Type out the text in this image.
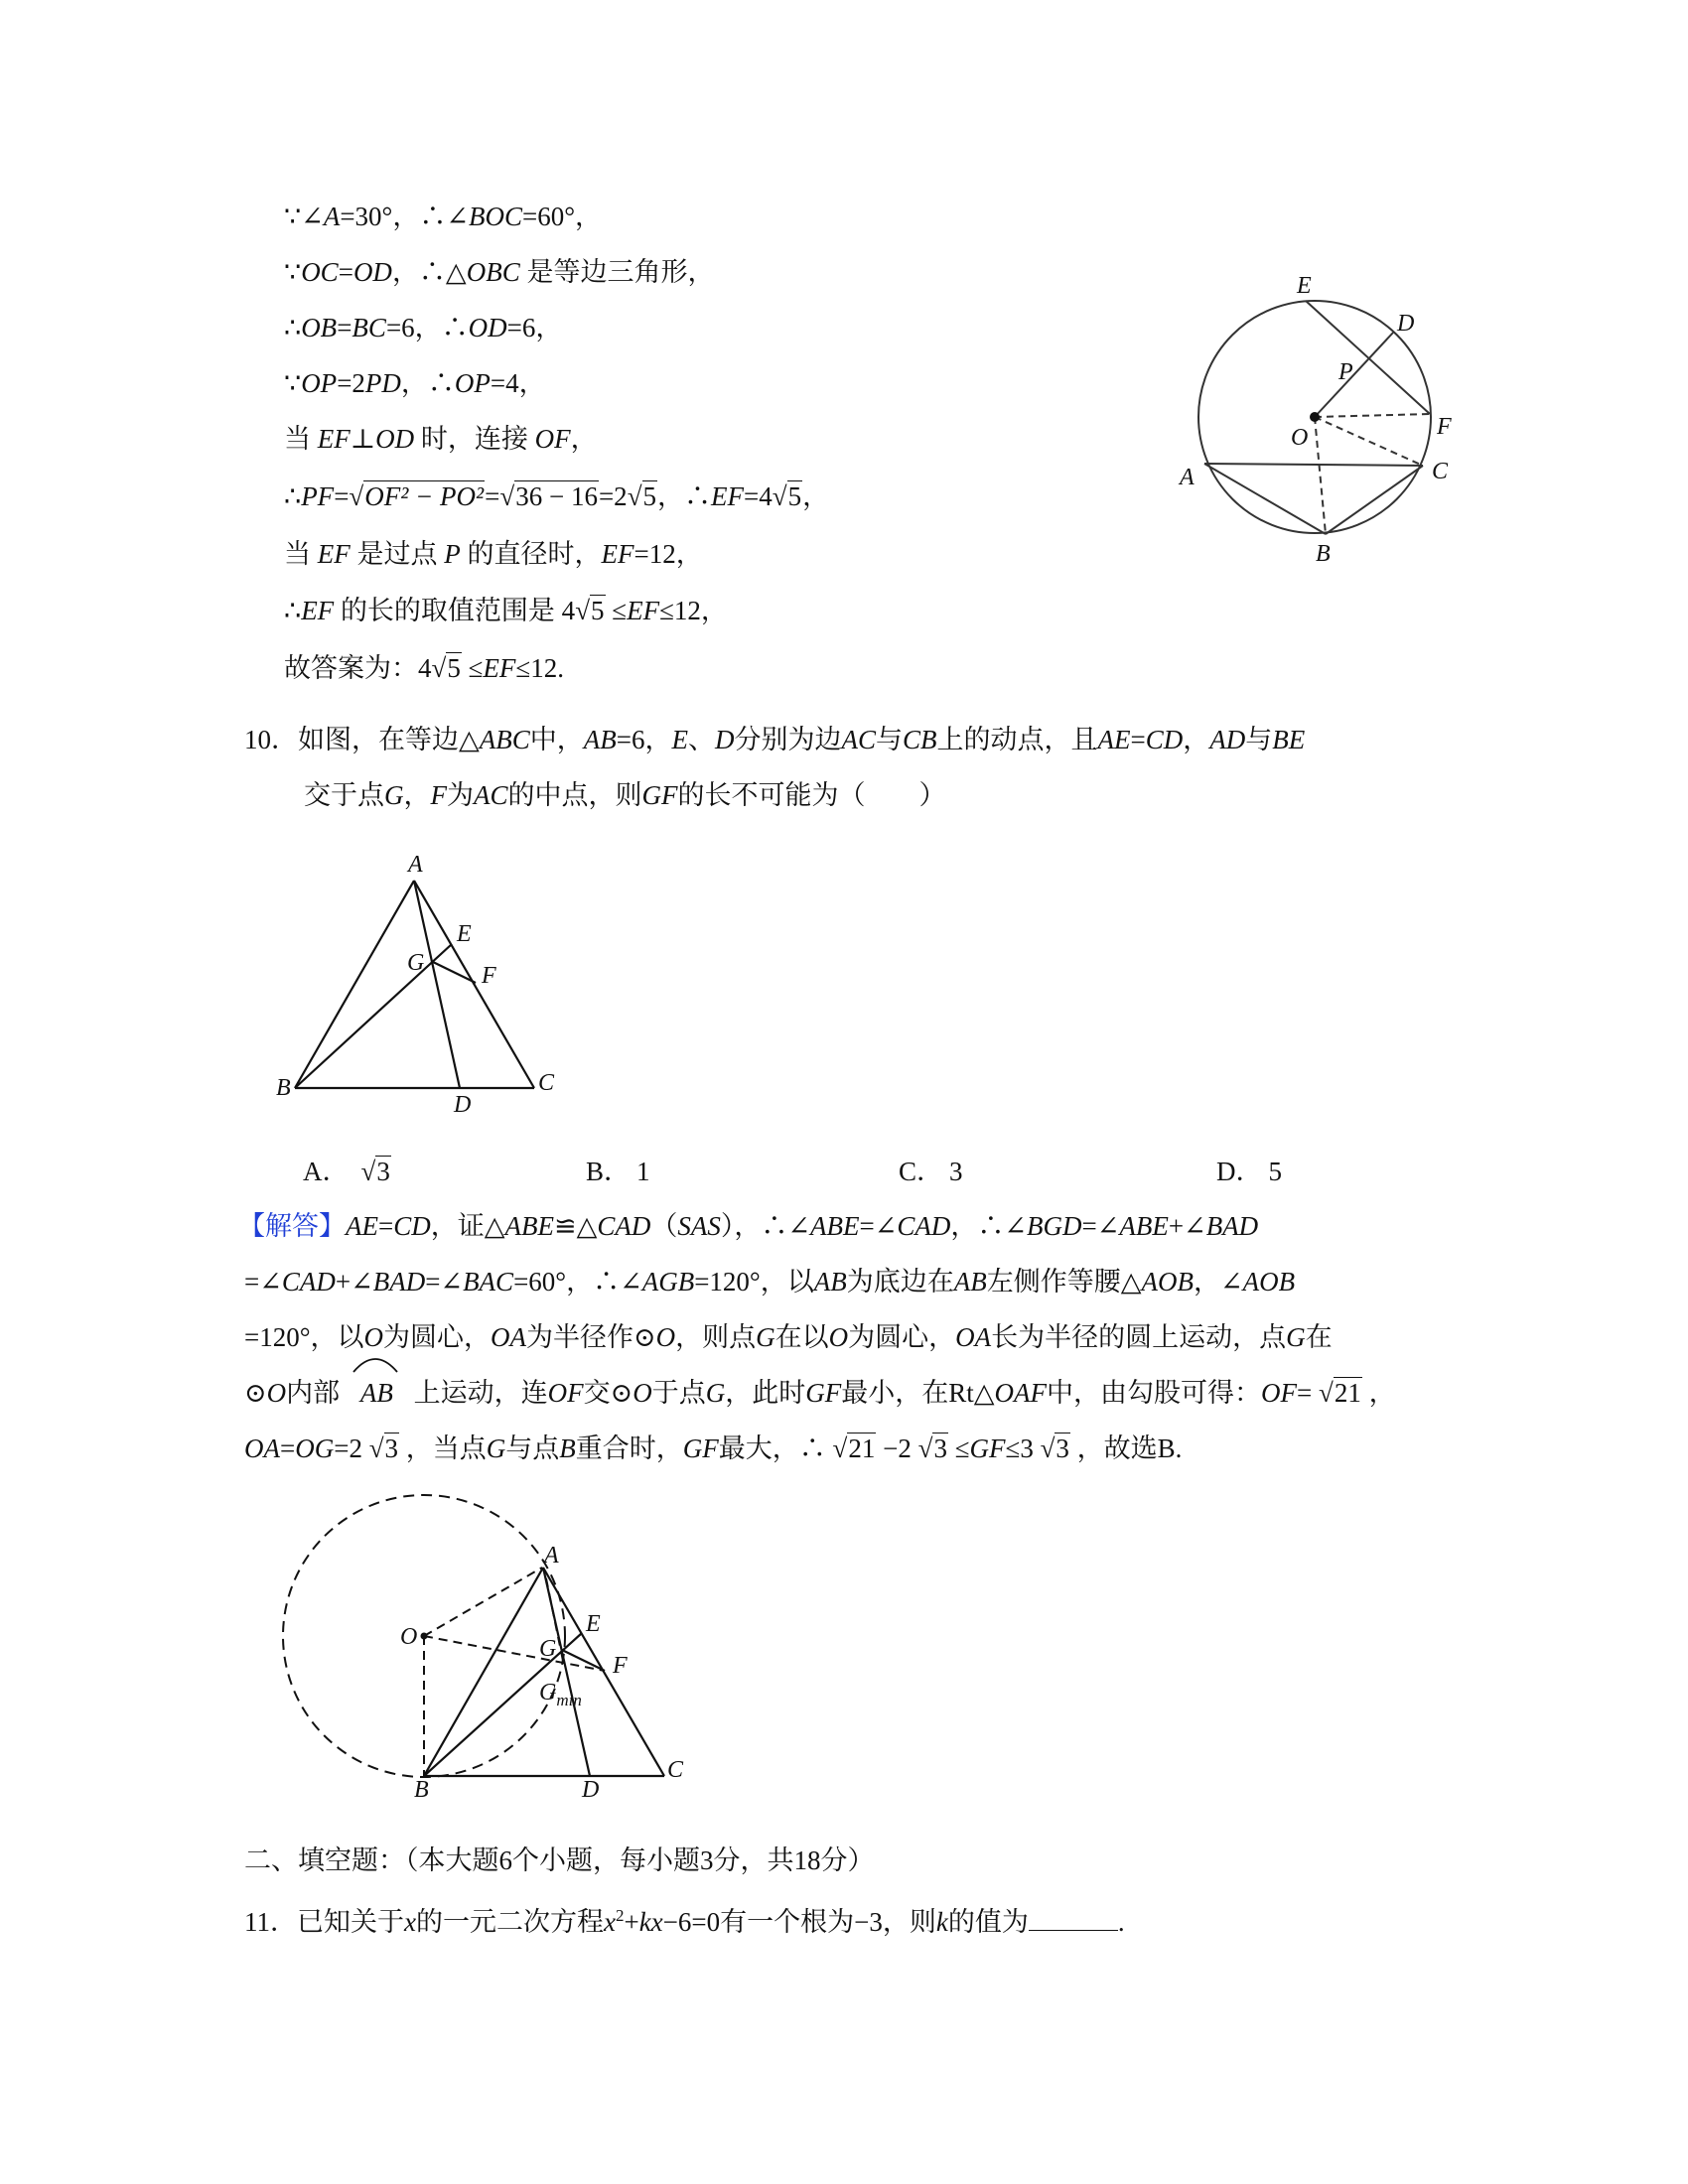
∵∠A=30°，∴∠BOC=60°，
∵OC=OD，∴△OBC 是等边三角形，
∴OB=BC=6，∴OD=6，
∵OP=2PD，∴OP=4，
当 EF⊥OD 时，连接 OF，
∴PF=√OF² − PO²=√36 − 16=2√5，∴EF=4√5，
当 EF 是过点 P 的直径时，EF=12，
∴EF 的长的取值范围是 4√5 ≤EF≤12，
故答案为：4√5 ≤EF≤12.
E
D
P
O	F
A	C
B
10．如图，在等边△ABC中，AB=6，E、D分别为边AC与CB上的动点，且AE=CD，AD与BE
交于点G，F为AC的中点，则GF的长不可能为（　　）
A
E
G F
B	C
D
A． √3	B． 1	C． 3	D． 5
【解答】AE=CD，证△ABE≌△CAD（SAS），∴∠ABE=∠CAD，∴∠BGD=∠ABE+∠BAD
=∠CAD+∠BAD=∠BAC=60°，∴∠AGB=120°，以AB为底边在AB左侧作等腰△AOB，∠AOB
=120°，以O为圆心，OA为半径作⊙O，则点G在以O为圆心，OA长为半径的圆上运动，点G在
⊙O内部
AB 上运动，连OF交⊙O于点G，此时GF最小，在Rt△OAF中，由勾股可得：OF= √21 ，
OA=OG=2 √3 ，当点G与点B重合时，GF最大，∴ √21 −2 √3 ≤GF≤3 √3 ，故选B.
A
O	E
G
F
$G_{min}$
C
B	D
二、填空题：（本大题6个小题，每小题3分，共18分）
11．已知关于x的一元二次方程$x^2+kx-6=0$有一个根为−3，则k的值为	.
